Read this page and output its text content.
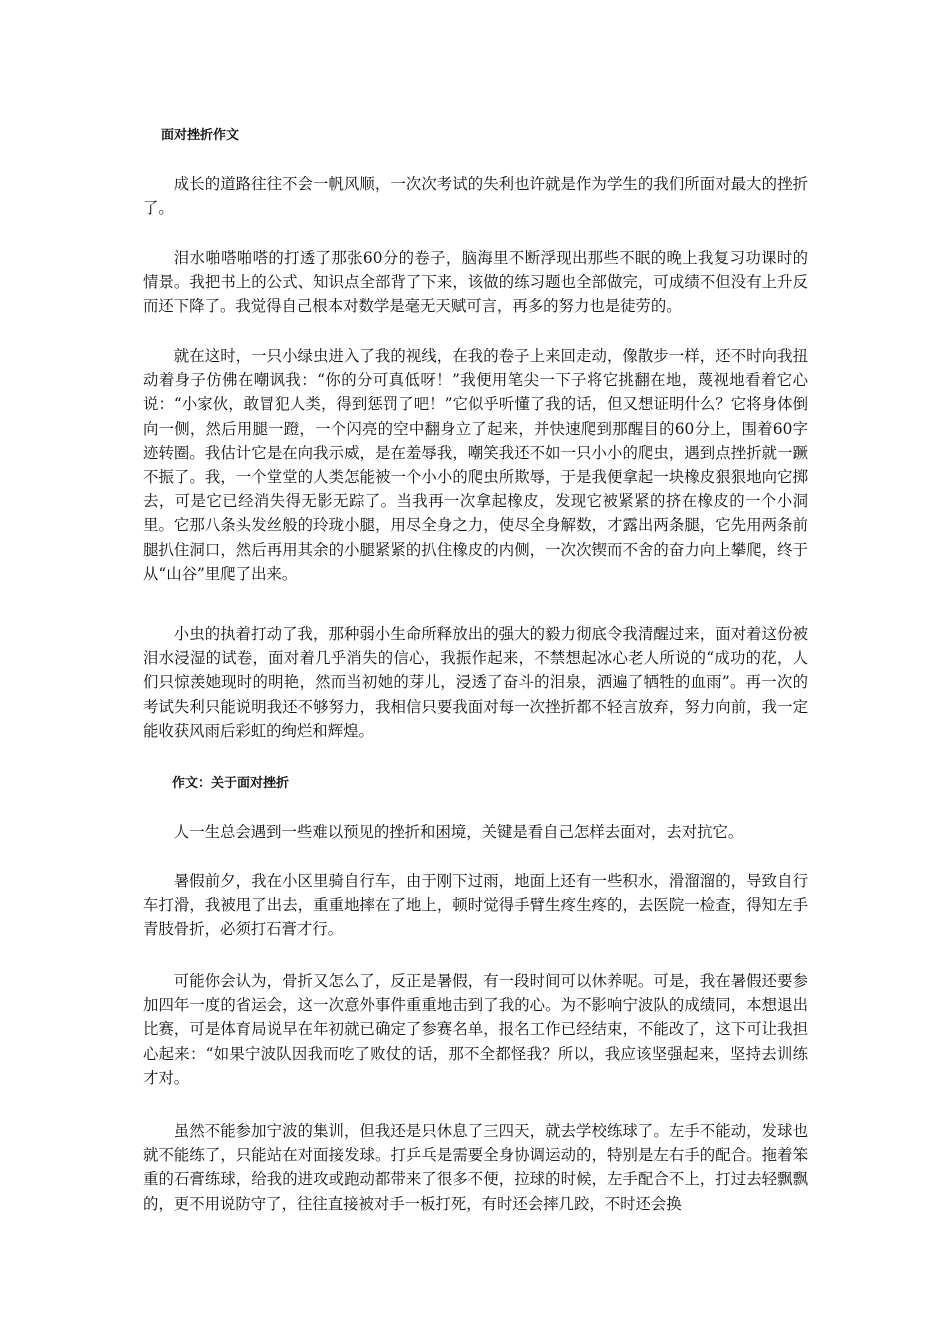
面对挫折作文

成长的道路往往不会一帆风顺，一次次考试的失利也许就是作为学生的我们所面对最大的挫折了。

泪水啪嗒啪嗒的打透了那张60分的卷子，脑海里不断浮现出那些不眠的晚上我复习功课时的情景。我把书上的公式、知识点全部背了下来，该做的练习题也全部做完，可成绩不但没有上升反而还下降了。我觉得自己根本对数学是毫无天赋可言，再多的努力也是徒劳的。

就在这时，一只小绿虫进入了我的视线，在我的卷子上来回走动，像散步一样，还不时向我扭动着身子仿佛在嘲讽我：“你的分可真低呀！”我便用笔尖一下子将它挑翻在地，蔑视地看着它心说：“小家伙，敢冒犯人类，得到惩罚了吧！”它似乎听懂了我的话，但又想证明什么？它将身体倒向一侧，然后用腿一蹬，一个闪亮的空中翻身立了起来，并快速爬到那醒目的60分上，围着60字迹转圈。我估计它是在向我示威，是在羞辱我，嘲笑我还不如一只小小的爬虫，遇到点挫折就一蹶不振了。我，一个堂堂的人类怎能被一个小小的爬虫所欺辱，于是我便拿起一块橡皮狠狠地向它掷去，可是它已经消失得无影无踪了。当我再一次拿起橡皮，发现它被紧紧的挤在橡皮的一个小洞里。它那八条头发丝般的玲珑小腿，用尽全身之力，使尽全身解数，才露出两条腿，它先用两条前腿扒住洞口，然后再用其余的小腿紧紧的扒住橡皮的内侧，一次次锲而不舍的奋力向上攀爬，终于从“山谷”里爬了出来。

小虫的执着打动了我，那种弱小生命所释放出的强大的毅力彻底令我清醒过来，面对着这份被泪水浸湿的试卷，面对着几乎消失的信心，我振作起来，不禁想起冰心老人所说的“成功的花，人们只惊羡她现时的明艳，然而当初她的芽儿，浸透了奋斗的泪泉，洒遍了牺牲的血雨”。再一次的考试失利只能说明我还不够努力，我相信只要我面对每一次挫折都不轻言放弃，努力向前，我一定能收获风雨后彩虹的绚烂和辉煌。

作文：关于面对挫折

人一生总会遇到一些难以预见的挫折和困境，关键是看自己怎样去面对，去对抗它。

暑假前夕，我在小区里骑自行车，由于刚下过雨，地面上还有一些积水，滑溜溜的，导致自行车打滑，我被甩了出去，重重地摔在了地上，顿时觉得手臂生疼生疼的，去医院一检查，得知左手青肢骨折，必须打石膏才行。

可能你会认为，骨折又怎么了，反正是暑假，有一段时间可以休养呢。可是，我在暑假还要参加四年一度的省运会，这一次意外事件重重地击到了我的心。为不影响宁波队的成绩同，本想退出比赛，可是体育局说早在年初就已确定了参赛名单，报名工作已经结束，不能改了，这下可让我担心起来：“如果宁波队因我而吃了败仗的话，那不全都怪我？所以，我应该坚强起来，坚持去训练才对。

虽然不能参加宁波的集训，但我还是只休息了三四天，就去学校练球了。左手不能动，发球也就不能练了，只能站在对面接发球。打乒乓是需要全身协调运动的，特别是左右手的配合。拖着笨重的石膏练球，给我的进攻或跑动都带来了很多不便，拉球的时候，左手配合不上，打过去轻飘飘的，更不用说防守了，往往直接被对手一板打死，有时还会摔几跤，不时还会换
